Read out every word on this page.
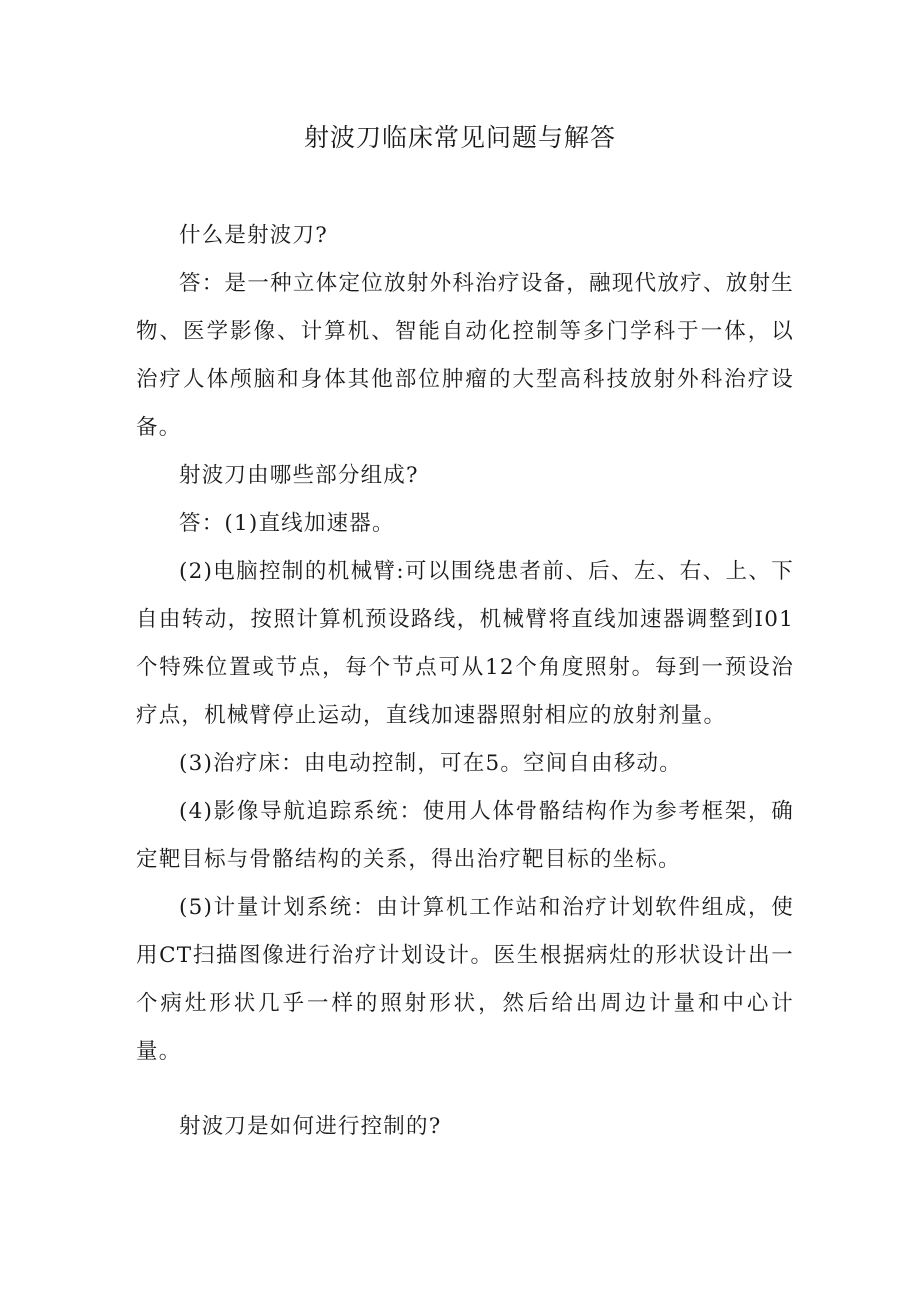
射波刀临床常见问题与解答

什么是射波刀?

答：是一种立体定位放射外科治疗设备，融现代放疗、放射生物、医学影像、计算机、智能自动化控制等多门学科于一体，以治疗人体颅脑和身体其他部位肿瘤的大型高科技放射外科治疗设备。

射波刀由哪些部分组成?

答：(1)直线加速器。

(2)电脑控制的机械臂:可以围绕患者前、后、左、右、上、下自由转动，按照计算机预设路线，机械臂将直线加速器调整到I01个特殊位置或节点，每个节点可从12个角度照射。每到一预设治疗点，机械臂停止运动，直线加速器照射相应的放射剂量。

(3)治疗床：由电动控制，可在5。空间自由移动。

(4)影像导航追踪系统：使用人体骨骼结构作为参考框架，确定靶目标与骨骼结构的关系，得出治疗靶目标的坐标。

(5)计量计划系统：由计算机工作站和治疗计划软件组成，使用CT扫描图像进行治疗计划设计。医生根据病灶的形状设计出一个病灶形状几乎一样的照射形状，然后给出周边计量和中心计量。

射波刀是如何进行控制的?
